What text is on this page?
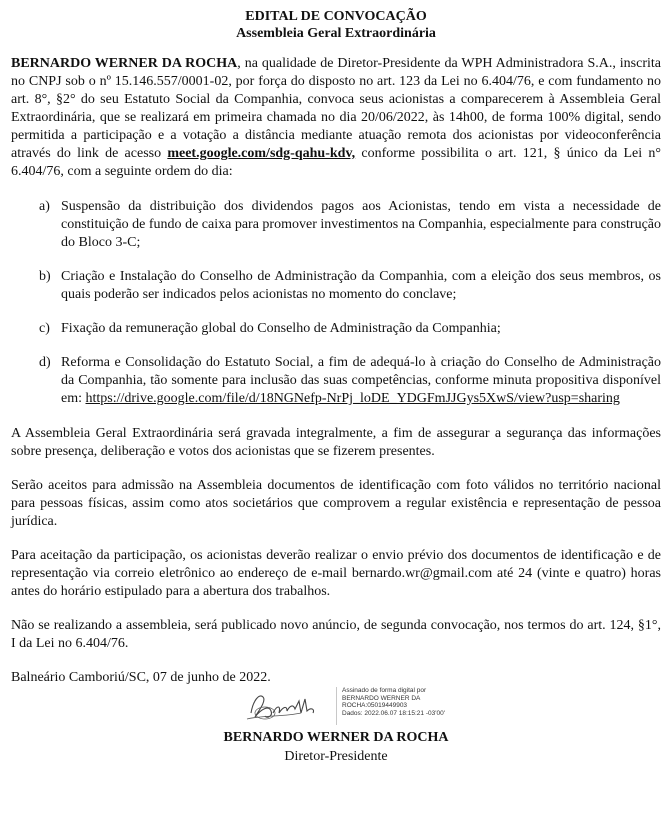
EDITAL DE CONVOCAÇÃO

Assembleia Geral Extraordinária

BERNARDO WERNER DA ROCHA, na qualidade de Diretor-Presidente da WPH Administradora S.A., inscrita no CNPJ sob o nº 15.146.557/0001-02, por força do disposto no art. 123 da Lei no 6.404/76, e com fundamento no art. 8°, §2° do seu Estatuto Social da Companhia, convoca seus acionistas a comparecerem à Assembleia Geral Extraordinária, que se realizará em primeira chamada no dia 20/06/2022, às 14h00, de forma 100% digital, sendo permitida a participação e a votação a distância mediante atuação remota dos acionistas por videoconferência através do link de acesso meet.google.com/sdg-qahu-kdv, conforme possibilita o art. 121, § único da Lei n° 6.404/76, com a seguinte ordem do dia:

a) Suspensão da distribuição dos dividendos pagos aos Acionistas, tendo em vista a necessidade de constituição de fundo de caixa para promover investimentos na Companhia, especialmente para construção do Bloco 3-C;
b) Criação e Instalação do Conselho de Administração da Companhia, com a eleição dos seus membros, os quais poderão ser indicados pelos acionistas no momento do conclave;
c) Fixação da remuneração global do Conselho de Administração da Companhia;
d) Reforma e Consolidação do Estatuto Social, a fim de adequá-lo à criação do Conselho de Administração da Companhia, tão somente para inclusão das suas competências, conforme minuta propositiva disponível em: https://drive.google.com/file/d/18NGNefp-NrPj_loDE_YDGFmJJGys5XwS/view?usp=sharing

A Assembleia Geral Extraordinária será gravada integralmente, a fim de assegurar a segurança das informações sobre presença, deliberação e votos dos acionistas que se fizerem presentes.

Serão aceitos para admissão na Assembleia documentos de identificação com foto válidos no território nacional para pessoas físicas, assim como atos societários que comprovem a regular existência e representação de pessoa jurídica.

Para aceitação da participação, os acionistas deverão realizar o envio prévio dos documentos de identificação e de representação via correio eletrônico ao endereço de e-mail bernardo.wr@gmail.com até 24 (vinte e quatro) horas antes do horário estipulado para a abertura dos trabalhos.

Não se realizando a assembleia, será publicado novo anúncio, de segunda convocação, nos termos do art. 124, §1°, I da Lei no 6.404/76.

Balneário Camboriú/SC, 07 de junho de 2022.

Assinado de forma digital por
BERNARDO WERNER DA
ROCHA:05019449903
Dados: 2022.06.07 18:15:21 -03'00'

BERNARDO WERNER DA ROCHA

Diretor-Presidente
